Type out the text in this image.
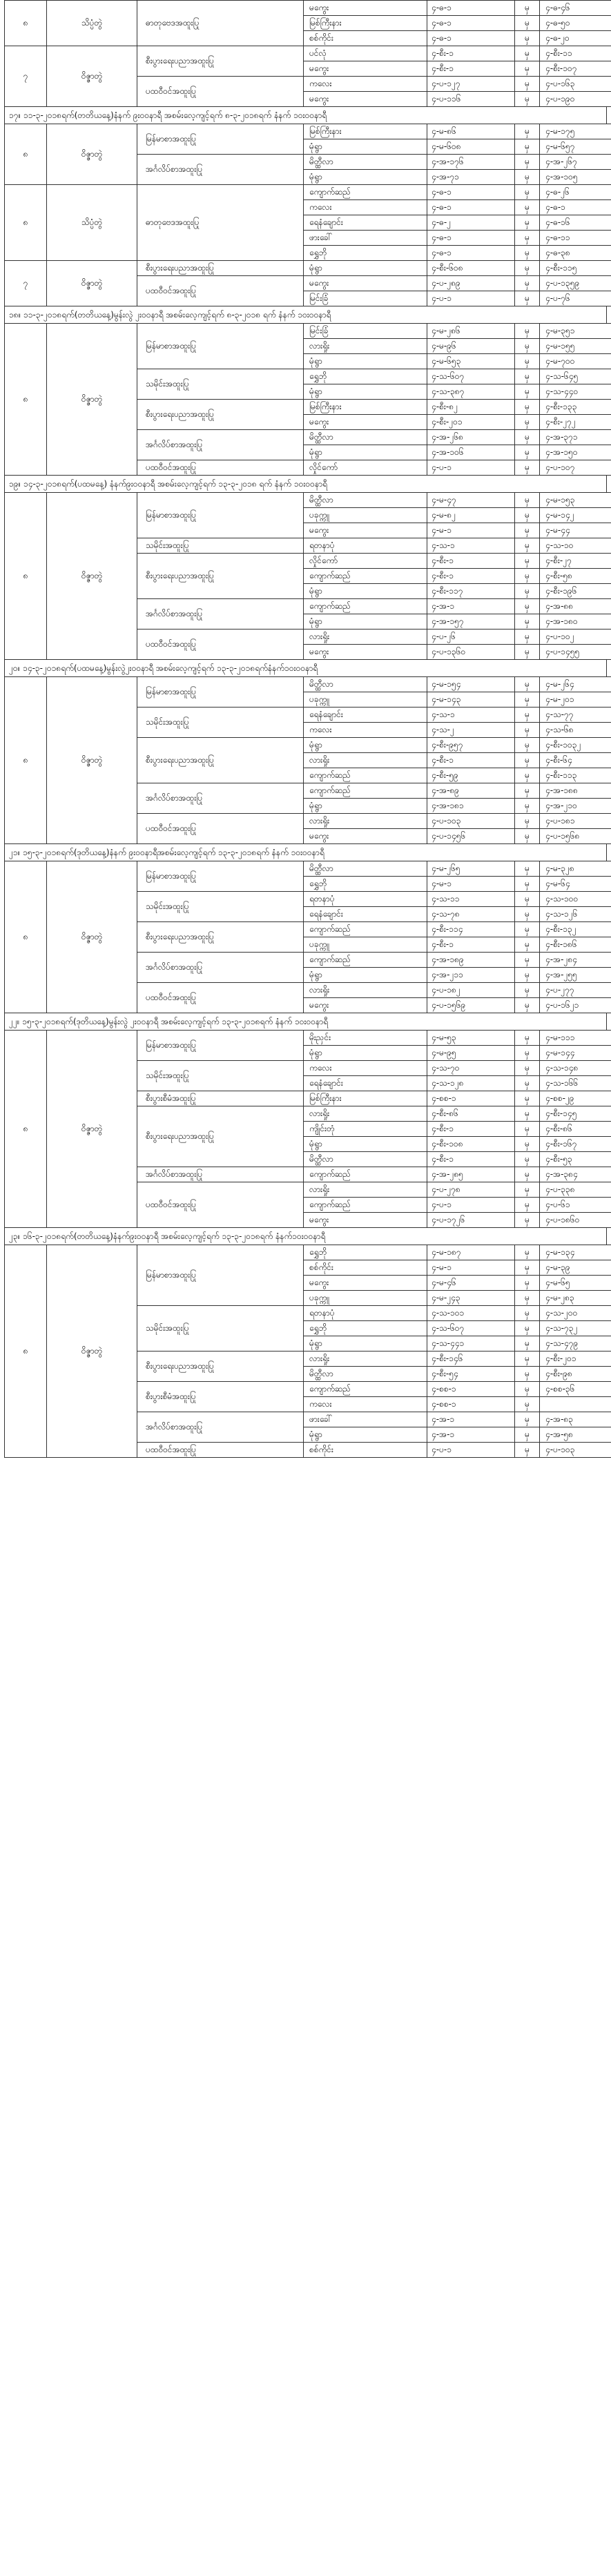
၈	သိပ္ပံတွဲ	ဓာတုဗေဒအထူးပြု	မကွေး	၄-ဓ-၁	မှ	၄-ဓ-၄၆
			မြစ်ကြီးနား	၄-ဓ-၁	မှ	၄-ဓ-၅၀
			စစ်ကိုင်း	၄-ဓ-၁	မှ	၄-ဓ-၂၀
၇	ဝိဇ္ဇာတွဲ	စီးပွားရေးပညာအထူးပြု	ပင်လုံ	၄-စီး-၁	မှ	၄-စီး-၁၁
			မကွေး	၄-စီး-၁	မှ	၄-စီး-၁၀၇
		ပထဝီဝင်အထူးပြု	ကလေး	၄-ပ-၁၂၇	မှ	၄-ပ-၁၆၃
			မကွေး	၄-ပ-၁၁၆	မှ	၄-ပ-၁၉၀
၁၇။ ၁၁-၃-၂၀၁၈ရက်(တတိယနေ့)နံနက် ၉း၀၀နာရီ အစမ်းလေ့ကျင့်ရက် ၈-၃-၂၀၁၈ရက် နံနက် ၁၀း၀၀နာရီ
၈	ဝိဇ္ဇာတွဲ	မြန်မာစာအထူးပြု	မြစ်ကြီးနား	၄-မ-၈၆	မှ	၄-မ-၁၇၅
			မုံရွာ	၄-မ-၆၀၈	မှ	၄-မ-၆၅၇
		အင်္ဂလိပ်စာအထူးပြု	မိတ္ထီလာ	၄-အ-၁၇၆	မှ	၄-အ-၂၆၇
			မုံရွာ	၄-အ-၇၁	မှ	၄-အ-၁၀၅
၈	သိပ္ပံတွဲ	ဓာတုဗေဒအထူးပြု	ကျောက်ဆည်	၄-ဓ-၁	မှ	၄-ဓ-၂၆
			ကလေး	၄-ဓ-၁	မှ	၄-ဓ-၁
			ရေနံချောင်း	၄-ဓ-၂	မှ	၄-ဓ-၁၆
			ဖားခေါ်	၄-ဓ-၁	မှ	၄-ဓ-၁၁
			ရွှေဘို	၄-ဓ-၁	မှ	၄-ဓ-၃၈
၇	ဝိဇ္ဇာတွဲ	စီးပွားရေးပညာအထူးပြု	မုံရွာ	၄-စီး-၆၀၈	မှ	၄-စီး-၁၁၅
		ပထဝီဝင်အထူးပြု	မကွေး	၄-ပ-၂၈၉	မှ	၄-ပ-၁၃၅၉
			မြင်းခြံ	၄-ပ-၁	မှ	၄-ပ-၇၆
၁၈။ ၁၁-၃-၂၀၁၈ရက်(တတိယနေ့)မွန်းလွဲ ၂း၀၀နာရီ အစမ်းလေ့ကျင့်ရက် ၈-၃-၂၀၁၈ ရက် နံနက် ၁၀း၀၀နာရီ
၈	ဝိဇ္ဇာတွဲ	မြန်မာစာအထူးပြု	မြင်းခြံ	၄-မ-၂၈၆	မှ	၄-မ-၃၅၁
			လားရှိုး	၄-မ-၉၆	မှ	၄-မ-၁၅၅
			မုံရွာ	၄-မ-၆၅၃	မှ	၄-မ-၇၀၀
		သမိုင်းအထူးပြု	ရွှေဘို	၄-သ-၆၀၇	မှ	၄-သ-၆၄၅
			မုံရွာ	၄-သ-၃၈၇	မှ	၄-သ-၄၄၀
		စီးပွားရေးပညာအထူးပြု	မြစ်ကြီးနား	၄-စီး-၈၂	မှ	၄-စီး-၁၃၃
			မကွေး	၄-စီး-၂၀၁	မှ	၄-စီး-၂၇၂
		အင်္ဂလိပ်စာအထူးပြု	မိတ္ထီလာ	၄-အ-၂၆၈	မှ	၄-အ-၃၇၁
			မုံရွာ	၄-အ-၁၀၆	မှ	၄-အ-၁၅၀
		ပထဝီဝင်အထူးပြု	လှိုင်ကော်	၄-ပ-၁	မှ	၄-ပ-၁၀၇
၁၉။ ၁၄-၃-၂၀၁၈ရက်(ပထမနေ့) နံနက်၉း၀၀နာရီ အစမ်းလေ့ကျင့်ရက် ၁၃-၃-၂၀၁၈ ရက် နံနက် ၁၀း၀၀နာရီ
၈	ဝိဇ္ဇာတွဲ	မြန်မာစာအထူးပြု	မိတ္ထီလာ	၄-မ-၄၇	မှ	၄-မ-၁၅၃
			ပခုက္ကူ	၄-မ-၈၂	မှ	၄-မ-၁၄၂
			မကွေး	၄-မ-၁	မှ	၄-မ-၄၄
		သမိုင်းအထူးပြု	ရတနာပုံ	၄-သ-၁	မှ	၄-သ-၁၀
		စီးပွားရေးပညာအထူးပြု	လှိုင်ကော်	၄-စီး-၁	မှ	၄-စီး-၂၇
			ကျောက်ဆည်	၄-စီး-၁	မှ	၄-စီး-၅၈
			မုံရွာ	၄-စီး-၁၁၇	မှ	၄-စီး-၁၉၆
		အင်္ဂလိပ်စာအထူးပြု	ကျောက်ဆည်	၄-အ-၁	မှ	၄-အ-၈၈
			မုံရွာ	၄-အ-၁၅၇	မှ	၄-အ-၁၈၀
		ပထဝီဝင်အထူးပြု	လားရှိုး	၄-ပ-၂၆	မှ	၄-ပ-၁၀၂
			မကွေး	၄-ပ-၁၃၆၀	မှ	၄-ပ-၁၄၅၅
၂၀။ ၁၄-၃-၂၀၁၈ရက်(ပထမနေ့)မွန်းလွဲ၂း၀၀နာရီ အစမ်းလေ့ကျင့်ရက် ၁၃-၃-၂၀၁၈ရက်နံနက်၁၀း၀၀နာရီ
၈	ဝိဇ္ဇာတွဲ	မြန်မာစာအထူးပြု	မိတ္ထီလာ	၄-မ-၁၅၄	မှ	၄-မ-၂၆၄
			ပခုက္ကူ	၄-မ-၁၄၃	မှ	၄-မ-၂၀၁
		သမိုင်းအထူးပြု	ရေနံချောင်း	၄-သ-၁	မှ	၄-သ-၇၇
			ကလေး	၄-သ-၂	မှ	၄-သ-၆၈
		စီးပွားရေးပညာအထူးပြု	မုံရွာ	၄-စီး-၉၅၇	မှ	၄-စီး-၁၀၃၂
			လားရှိုး	၄-စီး-၁	မှ	၄-စီး-၆၄
			ကျောက်ဆည်	၄-စီး-၅၉	မှ	၄-စီး-၁၁၃
		အင်္ဂလိပ်စာအထူးပြု	ကျောက်ဆည်	၄-အ-၈၉	မှ	၄-အ-၁၈၈
			မုံရွာ	၄-အ-၁၈၁	မှ	၄-အ-၂၁၀
		ပထဝီဝင်အထူးပြု	လားရှိုး	၄-ပ-၁၀၃	မှ	၄-ပ-၁၈၁
			မကွေး	၄-ပ-၁၄၅၆	မှ	၄-ပ-၁၅၆၈
၂၁။ ၁၅-၃-၂၀၁၈ရက်(ဒုတိယနေ့)နံနက် ၉း၀၀နာရီအစမ်းလေ့ကျင့်ရက် ၁၃-၃-၂၀၁၈ရက် နံနက် ၁၀း၀၀နာရီ
၈	ဝိဇ္ဇာတွဲ	မြန်မာစာအထူးပြု	မိတ္ထီလာ	၄-မ-၂၆၅	မှ	၄-မ-၃၂၈
			ရွှေဘို	၄-မ-၁	မှ	၄-မ-၆၄
		သမိုင်းအထူးပြု	ရတနာပုံ	၄-သ-၁၁	မှ	၄-သ-၁၀၀
			ရေနံချောင်း	၄-သ-၇၈	မှ	၄-သ-၁၂၆
		စီးပွားရေးပညာအထူးပြု	ကျောက်ဆည်	၄-စီး-၁၁၄	မှ	၄-စီး-၁၃၂
			ပခုက္ကူ	၄-စီး-၁	မှ	၄-စီး-၁၈၆
		အင်္ဂလိပ်စာအထူးပြု	ကျောက်ဆည်	၄-အ-၁၈၉	မှ	၄-အ-၂၈၄
			မုံရွာ	၄-အ-၂၁၁	မှ	၄-အ-၂၅၅
		ပထဝီဝင်အထူးပြု	လားရှိုး	၄-ပ-၁၈၂	မှ	၄-ပ-၂၇၇
			မကွေး	၄-ပ-၁၅၆၉	မှ	၄-ပ-၁၆၂၁
၂၂။ ၁၅-၃-၂၀၁၈ရက်(ဒုတိယနေ့)မွန်းလွဲ ၂း၀၀နာရီ အစမ်းလေ့ကျင့်ရက် ၁၃-၃-၂၀၁၈ရက် နံနက် ၁၀း၀၀နာရီ
၈	ဝိဇ္ဇာတွဲ	မြန်မာစာအထူးပြု	မိုးညှင်း	၄-မ-၅၃	မှ	၄-မ-၁၁၁
			မုံရွာ	၄-မ-၉၅	မှ	၄-မ-၁၄၄
		သမိုင်းအထူးပြု	ကလေး	၄-သ-၇၀	မှ	၄-သ-၁၄၈
			ရေနံချောင်း	၄-သ-၁၂၈	မှ	၄-သ-၁၆၆
		စီးပွားစီမံအထူးပြု	မြစ်ကြီးနား	၄-စစ-၁	မှ	၄-စစ-၂၉
		စီးပွားရေးပညာအထူးပြု	လားရှိုး	၄-စီး-၈၆	မှ	၄-စီး-၁၄၅
			ကျိုင်းတုံ	၄-စီး-၁	မှ	၄-စီး-၈၆
			မုံရွာ	၄-စီး-၁၀၈	မှ	၄-စီး-၁၆၇
			မိတ္ထီလာ	၄-စီး-၁	မှ	၄-စီး-၅၃
		အင်္ဂလိပ်စာအထူးပြု	ကျောက်ဆည်	၄-အ-၂၈၅	မှ	၄-အ-၃၈၄
		ပထဝီဝင်အထူးပြု	လားရှိုး	၄-ပ-၂၇၈	မှ	၄-ပ-၃၃၈
			ကျောက်ဆည်	၄-ပ-၁	မှ	၄-ပ-၆၁
			မကွေး	၄-ပ-၁၇၂၆	မှ	၄-ပ-၁၈၆၀
၂၃။ ၁၆-၃-၂၀၁၈ရက်(တတိယနေ့)နံနက်၉း၀၀နာရီ အစမ်းလေ့ကျင့်ရက် ၁၃-၃-၂၀၁၈ရက် နံနက်၁၀း၀၀နာရီ
၈	ဝိဇ္ဇာတွဲ	မြန်မာစာအထူးပြု	ရွှေဘို	၄-မ-၁၈၇	မှ	၄-မ-၁၃၄
			စစ်ကိုင်း	၄-မ-၁	မှ	၄-မ-၃၉
			မကွေး	၄-မ-၄၆	မှ	၄-မ-၆၅
			ပခုက္ကူ	၄-မ-၂၄၃	မှ	၄-မ-၂၈၃
		သမိုင်းအထူးပြု	ရတနာပုံ	၄-သ-၁၀၁	မှ	၄-သ-၂၀၀
			ရွှေဘို	၄-သ-၆၀၇	မှ	၄-သ-၇၃၂
			မုံရွာ	၄-သ-၄၄၁	မှ	၄-သ-၄၇၉
		စီးပွားရေးပညာအထူးပြု	လားရှိုး	၄-စီး-၁၄၆	မှ	၄-စီး-၂၀၁
			မိတ္ထီလာ	၄-စီး-၅၄	မှ	၄-စီး-၉၈
		စီးပွားစီမံအထူးပြု	ကျောက်ဆည်	၄-စစ-၁	မှ	၄-စစ-၃၆
			ကလေး	၄-စစ-၁	မှ	
		အင်္ဂလိပ်စာအထူးပြု	ဖားခေါ်	၄-အ-၁	မှ	၄-အ-၈၃
			မုံရွာ	၄-အ-၁	မှ	၄-အ-၅၈
		ပထဝီဝင်အထူးပြု	စစ်ကိုင်း	၄-ပ-၁	မှ	၄-ပ-၁၀၃
